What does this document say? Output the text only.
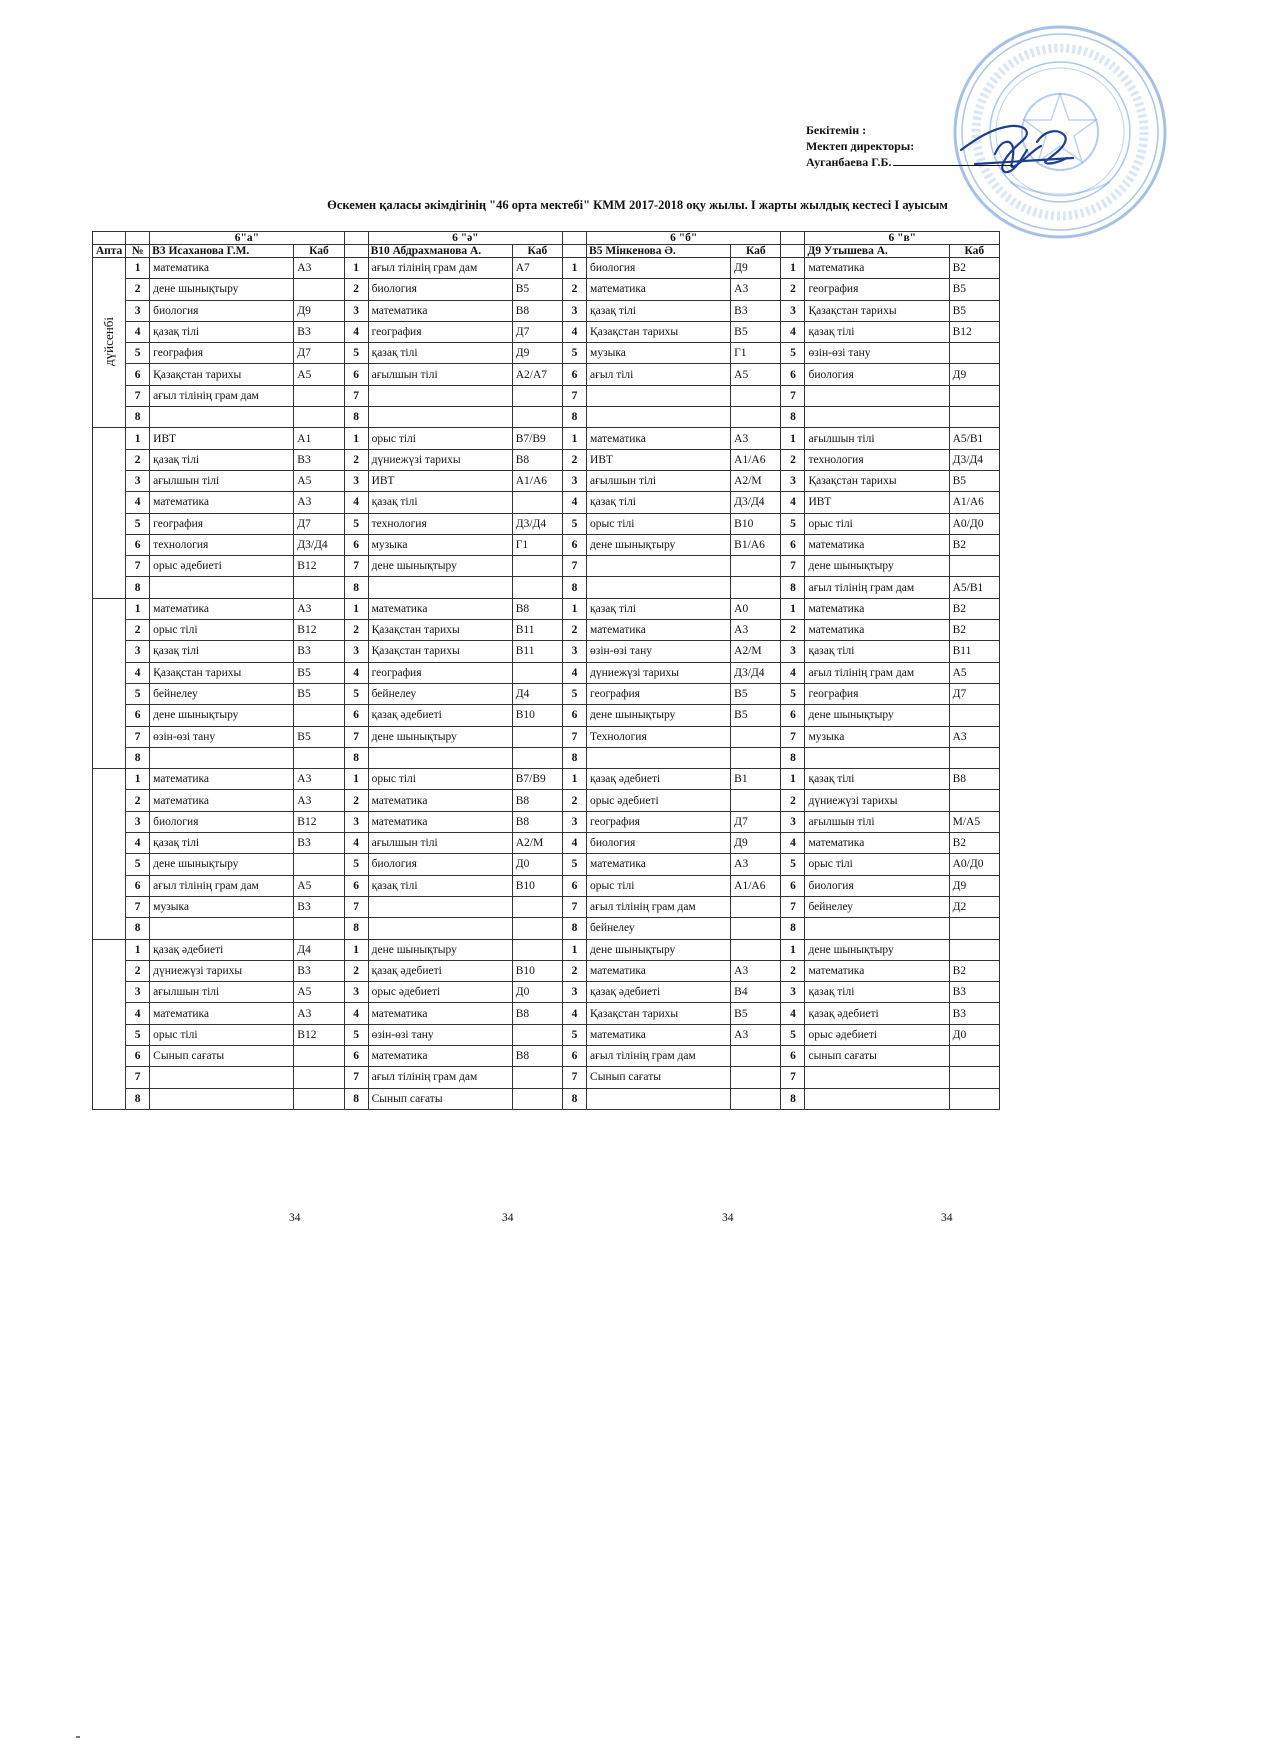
Бекітемін :
Мектеп директоры:
Ауганбаева Г.Б.
Өскемен қаласы әкімдігінің "46 орта мектебі" КММ 2017-2018 оқу жылы. I жарты жылдық кестесі I ауысым
		6"а"			6 "ә"			6 "б"			6 "в"	
Апта	№	В3 Исаханова Г.М.	Каб		В10 Абдрахманова А.	Каб		В5 Мінкенова Ә.	Каб		Д9 Утышева А.	Каб
дүйсенбі	1	математика	А3	1	ағыл тілінің грам дам	А7	1	биология	Д9	1	математика	В2
	2	дене шынықтыру		2	биология	В5	2	математика	А3	2	география	В5
	3	биология	Д9	3	математика	В8	3	қазақ тілі	В3	3	Қазақстан тарихы	В5
	4	қазақ тілі	В3	4	география	Д7	4	Қазақстан тарихы	В5	4	қазақ тілі	В12
	5	география	Д7	5	қазақ тілі	Д9	5	музыка	Г1	5	өзін-өзі тану	
	6	Қазақстан тарихы	А5	6	ағылшын тілі	А2/А7	6	ағыл тілі	А5	6	биология	Д9
	7	ағыл тілінің грам дам		7			7			7		
	8			8			8			8		
	1	ИВТ	А1	1	орыс тілі	В7/В9	1	математика	А3	1	ағылшын тілі	А5/В1
	2	қазақ тілі	В3	2	дүниежүзі тарихы	В8	2	ИВТ	А1/А6	2	технология	Д3/Д4
	3	ағылшын тілі	А5	3	ИВТ	А1/А6	3	ағылшын тілі	А2/М	3	Қазақстан тарихы	В5
	4	математика	А3	4	қазақ тілі		4	қазақ тілі	Д3/Д4	4	ИВТ	А1/А6
	5	география	Д7	5	технология	Д3/Д4	5	орыс тілі	В10	5	орыс тілі	А0/Д0
	6	технология	Д3/Д4	6	музыка	Г1	6	дене шынықтыру	В1/А6	6	математика	В2
	7	орыс әдебиеті	В12	7	дене шынықтыру		7			7	дене шынықтыру	
	8			8			8			8	ағыл тілінің грам дам	А5/В1
	1	математика	А3	1	математика	В8	1	қазақ тілі	А0	1	математика	В2
	2	орыс тілі	В12	2	Қазақстан тарихы	В11	2	математика	А3	2	математика	В2
	3	қазақ тілі	В3	3	Қазақстан тарихы	В11	3	өзін-өзі тану	А2/М	3	қазақ тілі	В11
	4	Қазақстан тарихы	В5	4	география		4	дүниежүзі тарихы	Д3/Д4	4	ағыл тілінің грам дам	А5
	5	бейнелеу	В5	5	бейнелеу	Д4	5	география	В5	5	география	Д7
	6	дене шынықтыру		6	қазақ әдебиеті	В10	6	дене шынықтыру	В5	6	дене шынықтыру	
	7	өзін-өзі тану	В5	7	дене шынықтыру		7	Технология		7	музыка	А3
	8			8			8			8		
	1	математика	А3	1	орыс тілі	В7/В9	1	қазақ әдебиеті	В1	1	қазақ тілі	В8
	2	математика	А3	2	математика	В8	2	орыс әдебиеті		2	дүниежүзі тарихы	
	3	биология	В12	3	математика	В8	3	география	Д7	3	ағылшын тілі	М/А5
	4	қазақ тілі	В3	4	ағылшын тілі	А2/М	4	биология	Д9	4	математика	В2
	5	дене шынықтыру		5	биология	Д0	5	математика	А3	5	орыс тілі	А0/Д0
	6	ағыл тілінің грам дам	А5	6	қазақ тілі	В10	6	орыс тілі	А1/А6	6	биология	Д9
	7	музыка	В3	7			7	ағыл тілінің грам дам		7	бейнелеу	Д2
	8			8			8	бейнелеу		8		
	1	қазақ әдебиеті	Д4	1	дене шынықтыру		1	дене шынықтыру		1	дене шынықтыру	
	2	дүниежүзі тарихы	В3	2	қазақ әдебиеті	В10	2	математика	А3	2	математика	В2
	3	ағылшын тілі	А5	3	орыс әдебиеті	Д0	3	қазақ әдебиеті	В4	3	қазақ тілі	В3
	4	математика	А3	4	математика	В8	4	Қазақстан тарихы	В5	4	қазақ әдебиеті	В3
	5	орыс тілі	В12	5	өзін-өзі тану		5	математика	А3	5	орыс әдебиеті	Д0
	6	Сынып сағаты		6	математика	В8	6	ағыл тілінің грам дам		6	сынып сағаты	
	7			7	ағыл тілінің грам дам		7	Сынып сағаты		7		
	8			8	Сынып сағаты		8			8		
34	34	34	34
